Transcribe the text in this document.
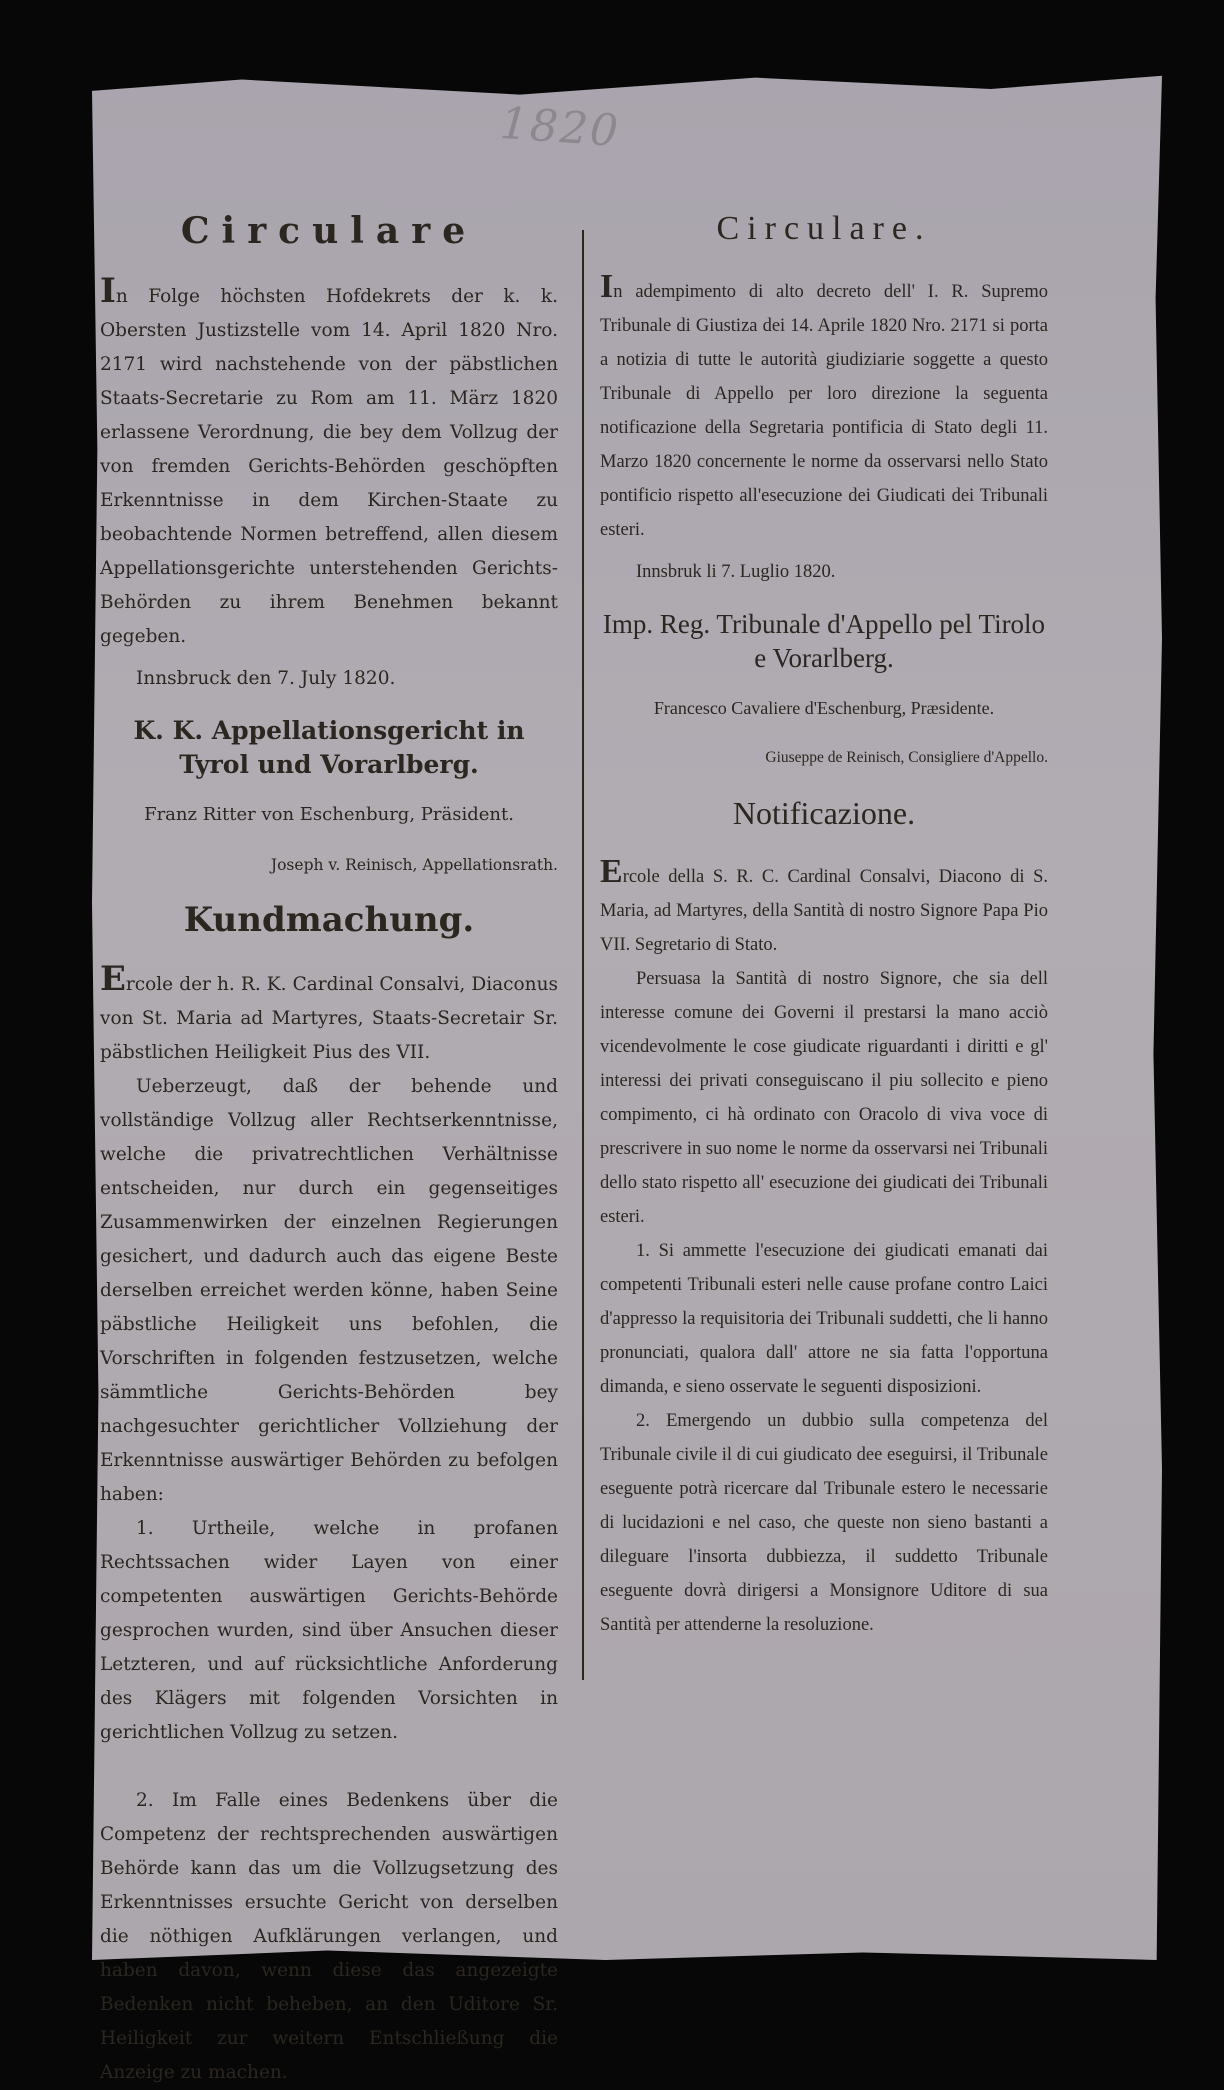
1820
Circulare

In Folge höchsten Hofdekrets der k. k. Obersten Justizstelle vom 14. April 1820 Nro. 2171 wird nachstehende von der päbstlichen Staats-Secretarie zu Rom am 11. März 1820 erlassene Verordnung, die bey dem Vollzug der von fremden Gerichts-Behörden geschöpften Erkenntnisse in dem Kirchen-Staate zu beobachtende Normen betreffend, allen diesem Appellationsgerichte unterstehenden Gerichts-Behörden zu ihrem Benehmen bekannt gegeben.

Innsbruck den 7. July 1820.

K. K. Appellationsgericht in Tyrol und Vorarlberg.

Franz Ritter von Eschenburg, Präsident.

Joseph v. Reinisch, Appellationsrath.

Kundmachung.

Ercole der h. R. K. Cardinal Consalvi, Diaconus von St. Maria ad Martyres, Staats-Secretair Sr. päbstlichen Heiligkeit Pius des VII.

Ueberzeugt, daß der behende und vollständige Vollzug aller Rechtserkenntnisse, welche die privatrechtlichen Verhältnisse entscheiden, nur durch ein gegenseitiges Zusammenwirken der einzelnen Regierungen gesichert, und dadurch auch das eigene Beste derselben erreichet werden könne, haben Seine päbstliche Heiligkeit uns befohlen, die Vorschriften in folgenden festzusetzen, welche sämmtliche Gerichts-Behörden bey nachgesuchter gerichtlicher Vollziehung der Erkenntnisse auswärtiger Behörden zu befolgen haben:

1. Urtheile, welche in profanen Rechtssachen wider Layen von einer competenten auswärtigen Gerichts-Behörde gesprochen wurden, sind über Ansuchen dieser Letzteren, und auf rücksichtliche Anforderung des Klägers mit folgenden Vorsichten in gerichtlichen Vollzug zu setzen.

2. Im Falle eines Bedenkens über die Competenz der rechtsprechenden auswärtigen Behörde kann das um die Vollzugsetzung des Erkenntnisses ersuchte Gericht von derselben die nöthigen Aufklärungen verlangen, und haben davon, wenn diese das angezeigte Bedenken nicht beheben, an den Uditore Sr. Heiligkeit zur weitern Entschließung die Anzeige zu machen.

Circulare.

In adempimento di alto decreto dell' I. R. Supremo Tribunale di Giustiza dei 14. Aprile 1820 Nro. 2171 si porta a notizia di tutte le autorità giudiziarie soggette a questo Tribunale di Appello per loro direzione la seguenta notificazione della Segretaria pontificia di Stato degli 11. Marzo 1820 concernente le norme da osservarsi nello Stato pontificio rispetto all'esecuzione dei Giudicati dei Tribunali esteri.

Innsbruk li 7. Luglio 1820.

Imp. Reg. Tribunale d'Appello pel Tirolo e Vorarlberg.

Francesco Cavaliere d'Eschenburg, Præsidente.

Giuseppe de Reinisch, Consigliere d'Appello.

Notificazione.

Ercole della S. R. C. Cardinal Consalvi, Diacono di S. Maria, ad Martyres, della Santità di nostro Signore Papa Pio VII. Segretario di Stato.

Persuasa la Santità di nostro Signore, che sia dell interesse comune dei Governi il prestarsi la mano acciò vicendevolmente le cose giudicate riguardanti i diritti e gl' interessi dei privati conseguiscano il piu sollecito e pieno compimento, ci hà ordinato con Oracolo di viva voce di prescrivere in suo nome le norme da osservarsi nei Tribunali dello stato rispetto all' esecuzione dei giudicati dei Tribunali esteri.

1. Si ammette l'esecuzione dei giudicati emanati dai competenti Tribunali esteri nelle cause profane contro Laici d'appresso la requisitoria dei Tribunali suddetti, che li hanno pronunciati, qualora dall' attore ne sia fatta l'opportuna dimanda, e sieno osservate le seguenti disposizioni.

2. Emergendo un dubbio sulla competenza del Tribunale civile il di cui giudicato dee eseguirsi, il Tribunale eseguente potrà ricercare dal Tribunale estero le necessarie di lucidazioni e nel caso, che queste non sieno bastanti a dileguare l'insorta dubbiezza, il suddetto Tribunale eseguente dovrà dirigersi a Monsignore Uditore di sua Santità per attenderne la resoluzione.
